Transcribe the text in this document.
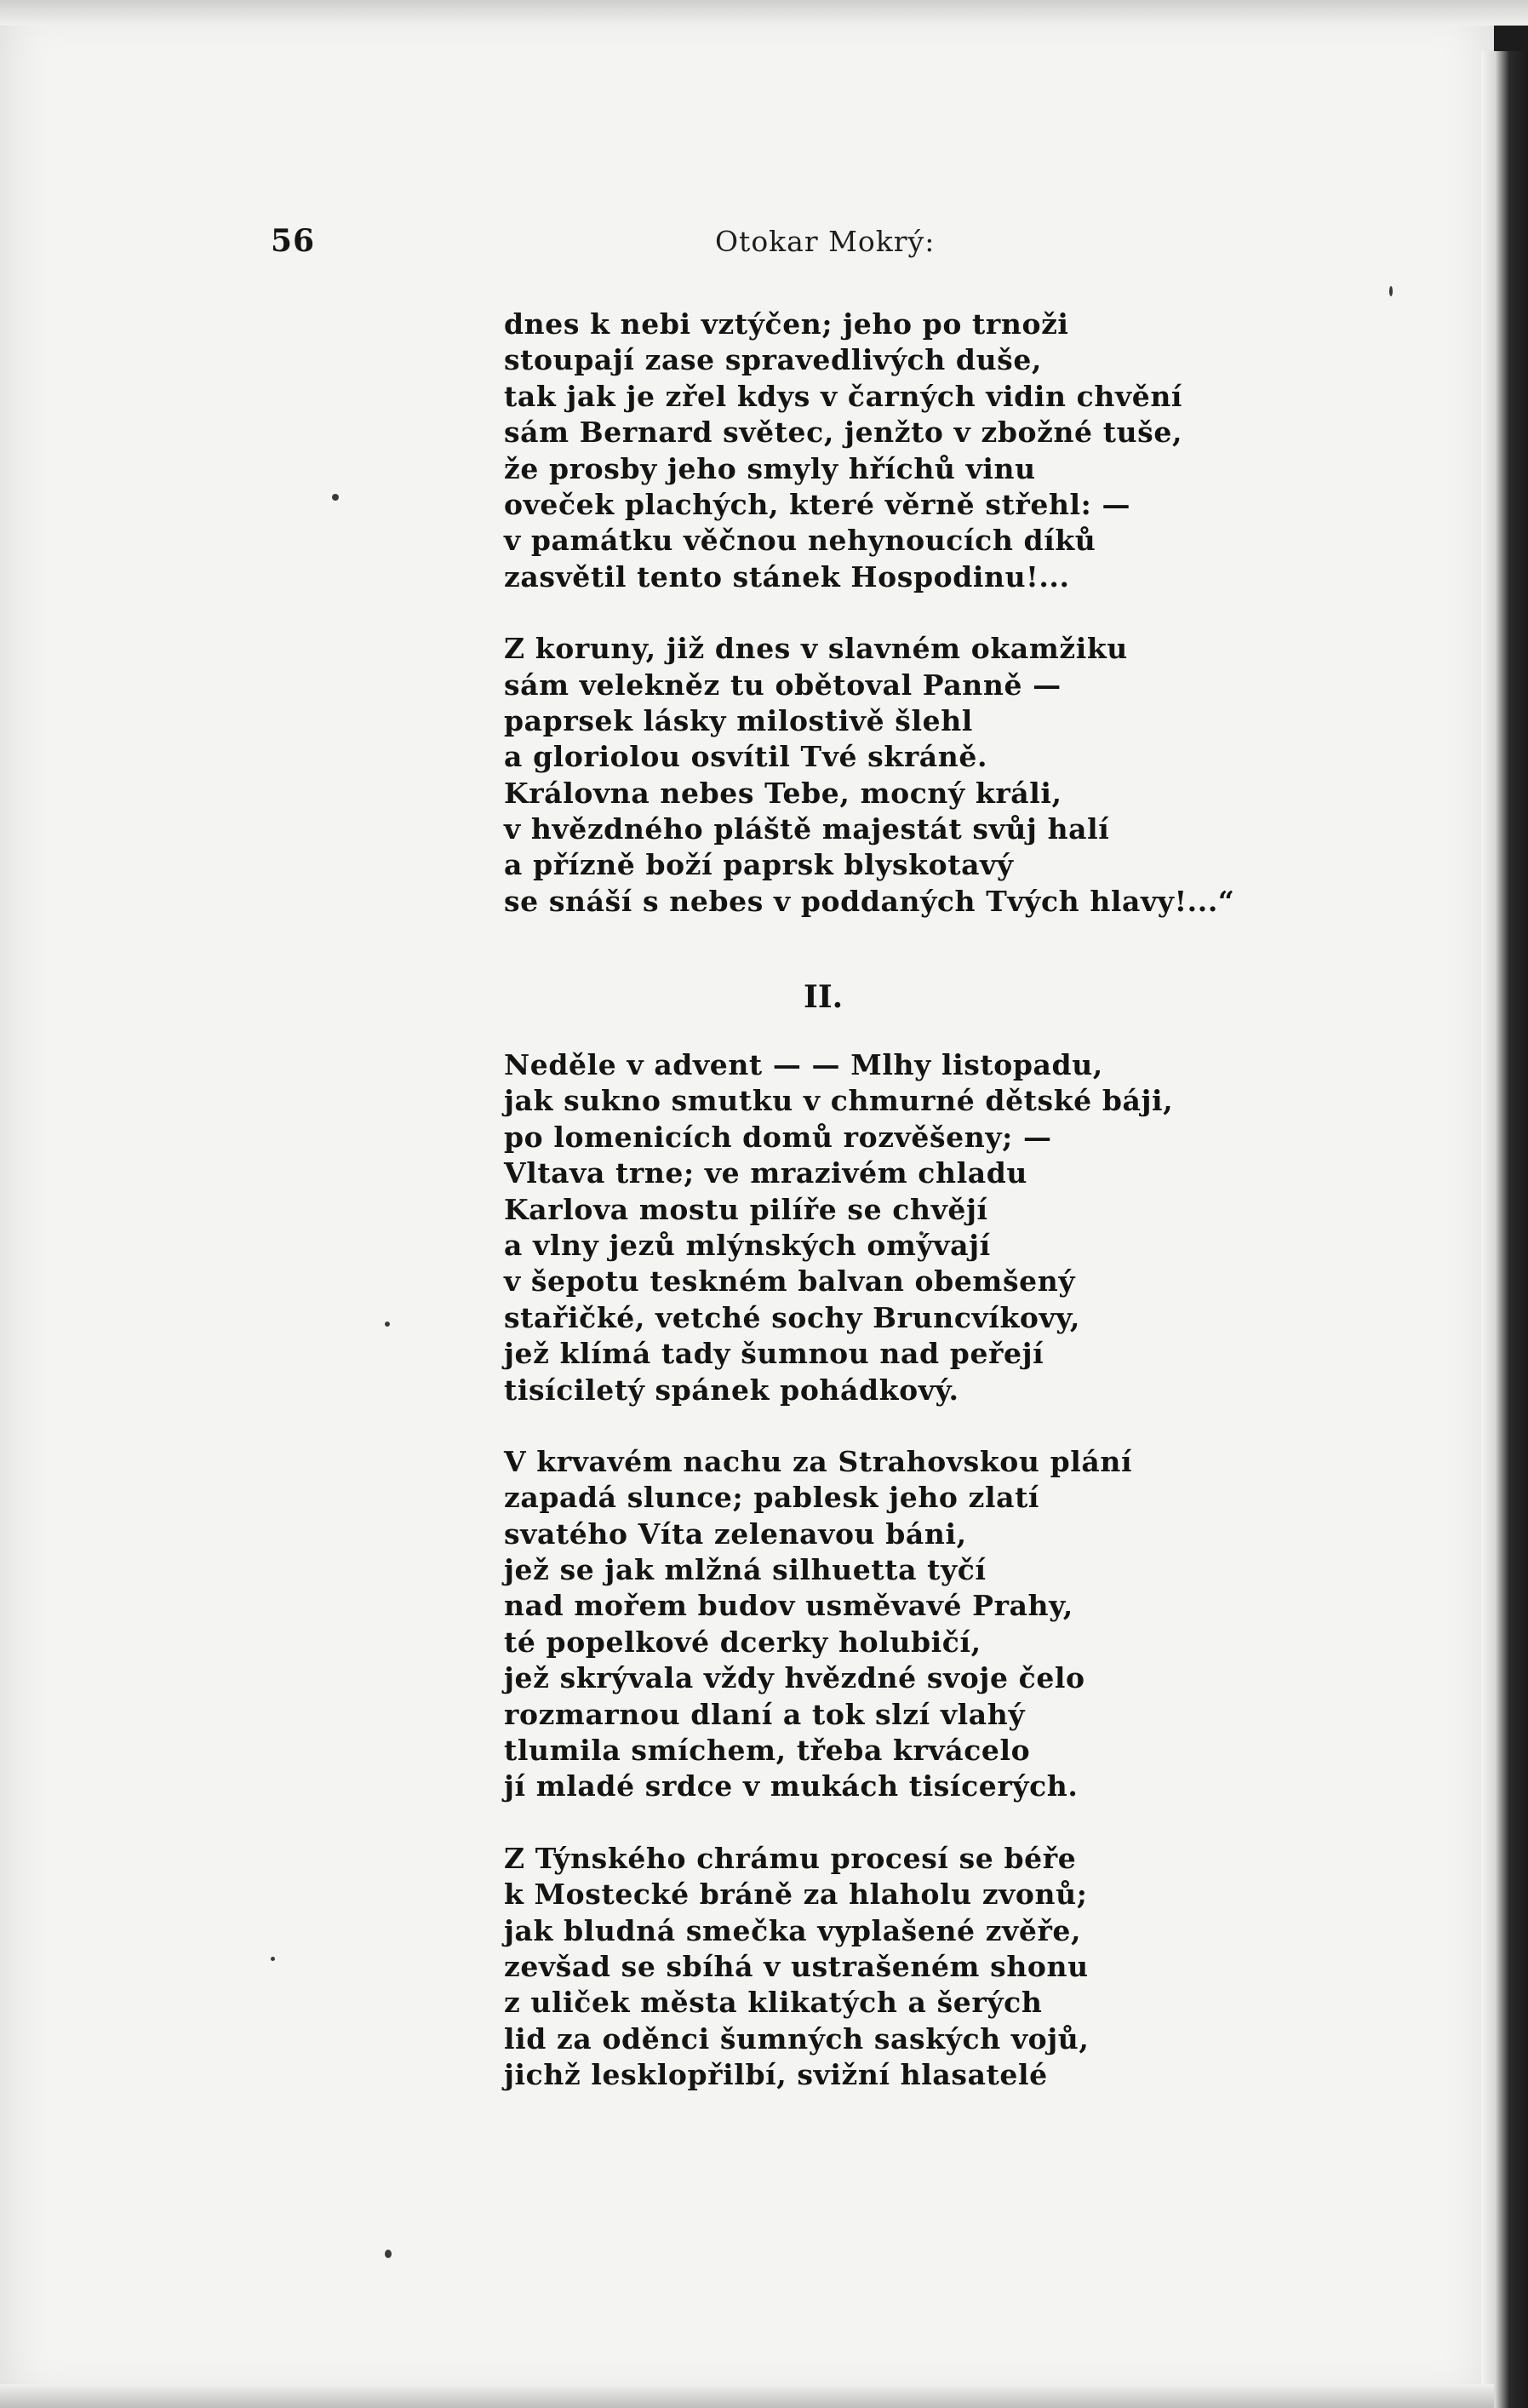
56	Otokar Mokrý:
dnes k nebi vztýčen; jeho po trnoži
stoupají zase spravedlivých duše,
tak jak je zřel kdys v čarných vidin chvění
sám Bernard světec, jenžto v zbožné tuše,
že prosby jeho smyly hříchů vinu
oveček plachých, které věrně střehl: —
v památku věčnou nehynoucích díků
zasvětil tento stánek Hospodinu!...
Z koruny, již dnes v slavném okamžiku
sám velekněz tu obětoval Panně —
paprsek lásky milostivě šlehl
a gloriolou osvítil Tvé skráně.
Královna nebes Tebe, mocný králi,
v hvězdného pláště majestát svůj halí
a přízně boží paprsk blyskotavý
se snáší s nebes v poddaných Tvých hlavy!...“
II.
Neděle v advent — — Mlhy listopadu,
jak sukno smutku v chmurné dětské báji,
po lomenicích domů rozvěšeny; —
Vltava trne; ve mrazivém chladu
Karlova mostu pilíře se chvějí
a vlny jezů mlýnských omývají
v šepotu teskném balvan obemšený
stařičké, vetché sochy Bruncvíkovy,
jež klímá tady šumnou nad peřejí
tisíciletý spánek pohádkový.
V krvavém nachu za Strahovskou plání
zapadá slunce; pablesk jeho zlatí
svatého Víta zelenavou báni,
jež se jak mlžná silhuetta tyčí
nad mořem budov usměvavé Prahy,
té popelkové dcerky holubičí,
jež skrývala vždy hvězdné svoje čelo
rozmarnou dlaní a tok slzí vlahý
tlumila smíchem, třeba krvácelo
jí mladé srdce v mukách tisícerých.
Z Týnského chrámu procesí se béře
k Mostecké bráně za hlaholu zvonů;
jak bludná smečka vyplašené zvěře,
zevšad se sbíhá v ustrašeném shonu
z uliček města klikatých a šerých
lid za oděnci šumných saských vojů,
jichž lesklopřilbí, svižní hlasatelé
